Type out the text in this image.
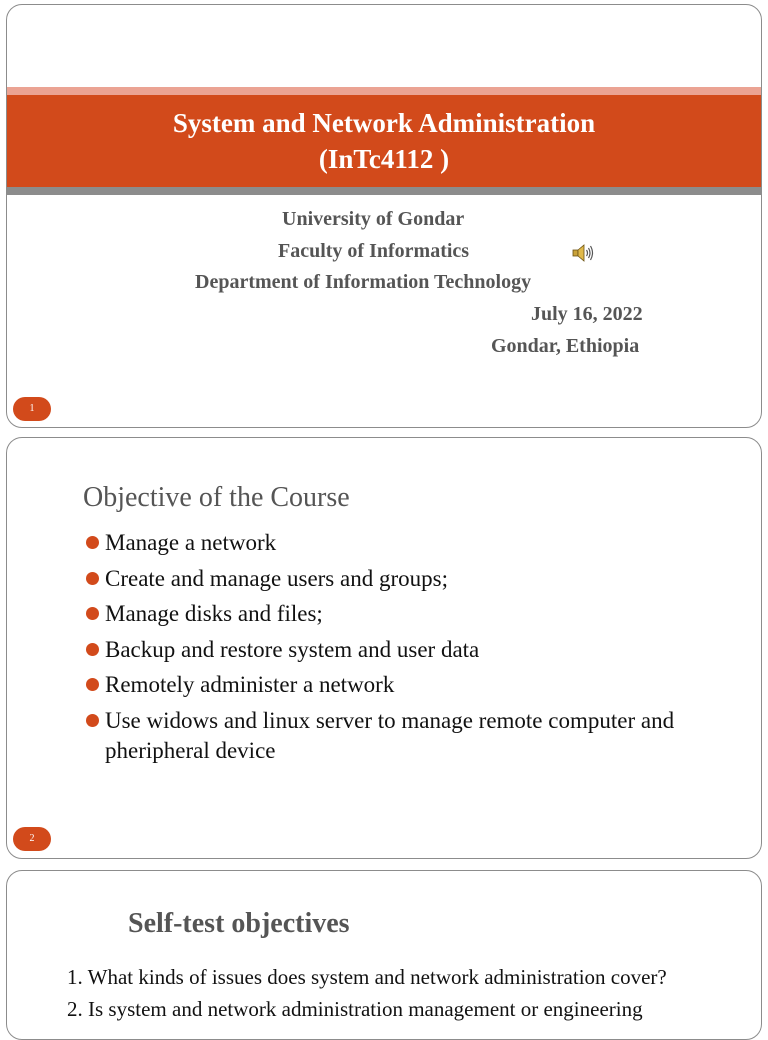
System and Network Administration
(InTc4112 )
University of Gondar
Faculty of Informatics
Department of Information Technology
July 16, 2022
Gondar, Ethiopia
1
Objective of the Course
Manage a network
Create and manage users and groups;
Manage disks and files;
Backup and restore system and user data
Remotely administer a network
Use widows and linux server to manage remote computer and pheripheral device
2
Self-test objectives
1. What kinds of issues does system and network administration cover?
2. Is system and network administration management or engineering
